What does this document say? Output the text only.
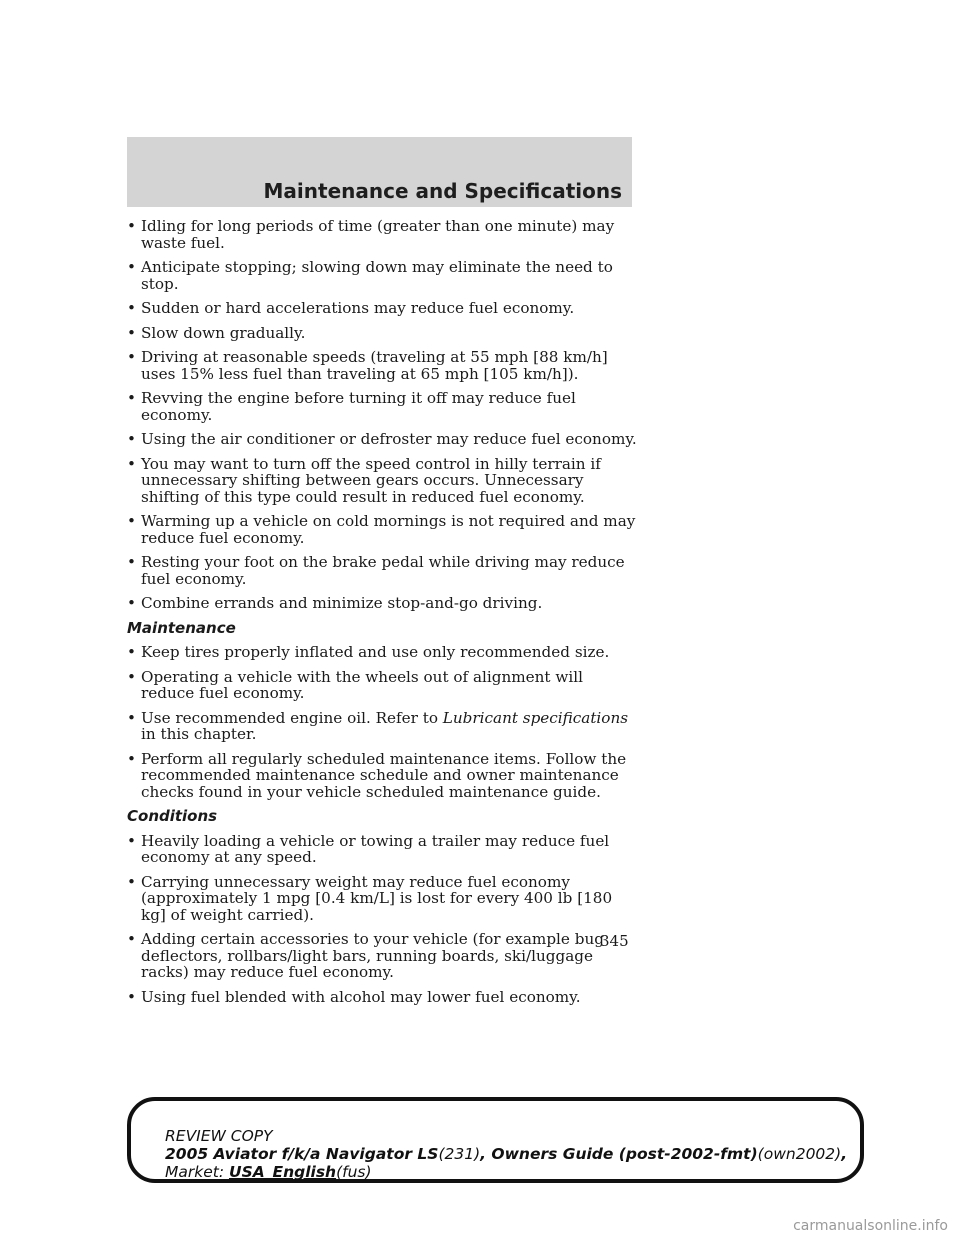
Maintenance and Specifications
• Idling for long periods of time (greater than one minute) may waste fuel.
• Anticipate stopping; slowing down may eliminate the need to stop.
• Sudden or hard accelerations may reduce fuel economy.
• Slow down gradually.
• Driving at reasonable speeds (traveling at 55 mph [88 km/h] uses 15% less fuel than traveling at 65 mph [105 km/h]).
• Revving the engine before turning it off may reduce fuel economy.
• Using the air conditioner or defroster may reduce fuel economy.
• You may want to turn off the speed control in hilly terrain if unnecessary shifting between gears occurs. Unnecessary shifting of this type could result in reduced fuel economy.
• Warming up a vehicle on cold mornings is not required and may reduce fuel economy.
• Resting your foot on the brake pedal while driving may reduce fuel economy.
• Combine errands and minimize stop-and-go driving.
Maintenance
• Keep tires properly inflated and use only recommended size.
• Operating a vehicle with the wheels out of alignment will reduce fuel economy.
• Use recommended engine oil. Refer to Lubricant specifications in this chapter.
• Perform all regularly scheduled maintenance items. Follow the recommended maintenance schedule and owner maintenance checks found in your vehicle scheduled maintenance guide.
Conditions
• Heavily loading a vehicle or towing a trailer may reduce fuel economy at any speed.
• Carrying unnecessary weight may reduce fuel economy (approximately 1 mpg [0.4 km/L] is lost for every 400 lb [180 kg] of weight carried).
• Adding certain accessories to your vehicle (for example bug deflectors, rollbars/light bars, running boards, ski/luggage racks) may reduce fuel economy.
• Using fuel blended with alcohol may lower fuel economy.
345
REVIEW COPY
2005 Aviator f/k/a Navigator LS(231), Owners Guide (post-2002-fmt)(own2002),
Market: USA_English(fus)
carmanualsonline.info
